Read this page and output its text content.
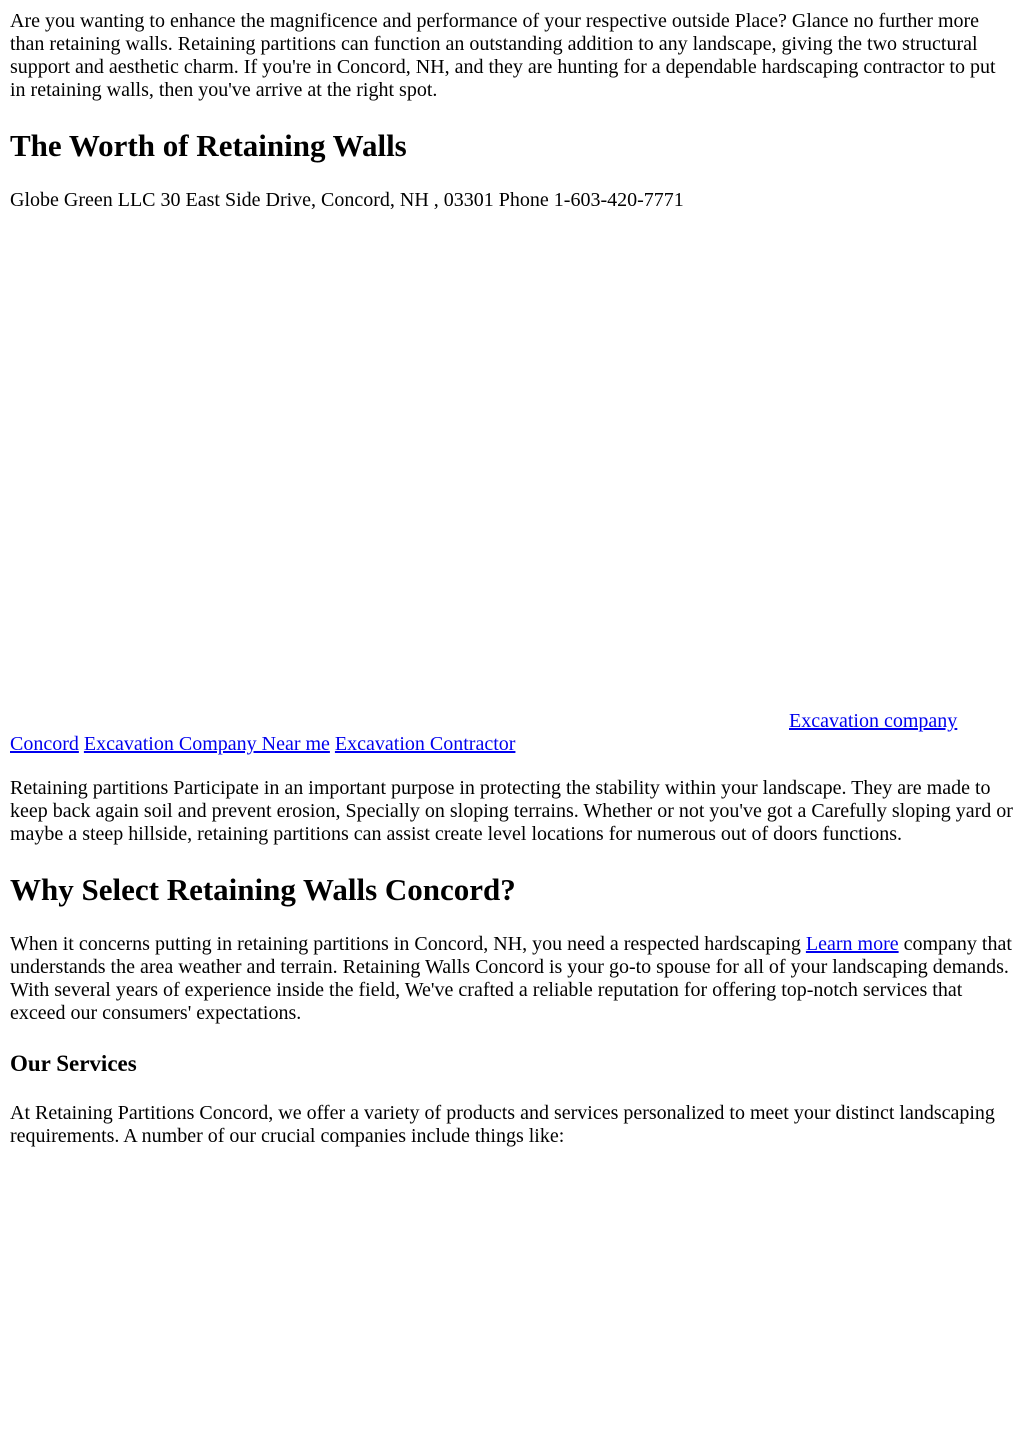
Are you wanting to enhance the magnificence and performance of your respective outside Place? Glance no further more than retaining walls. Retaining partitions can function an outstanding addition to any landscape, giving the two structural support and aesthetic charm. If you're in Concord, NH, and they are hunting for a dependable hardscaping contractor to put in retaining walls, then you've arrive at the right spot.

The Worth of Retaining Walls

Globe Green LLC 30 East Side Drive, Concord, NH , 03301 Phone 1-603-420-7771

Excavation company
Concord Excavation Company Near me Excavation Contractor

Retaining partitions Participate in an important purpose in protecting the stability within your landscape. They are made to keep back again soil and prevent erosion, Specially on sloping terrains. Whether or not you've got a Carefully sloping yard or maybe a steep hillside, retaining partitions can assist create level locations for numerous out of doors functions.

Why Select Retaining Walls Concord?

When it concerns putting in retaining partitions in Concord, NH, you need a respected hardscaping Learn more company that understands the area weather and terrain. Retaining Walls Concord is your go-to spouse for all of your landscaping demands. With several years of experience inside the field, We've crafted a reliable reputation for offering top-notch services that exceed our consumers' expectations.

Our Services

At Retaining Partitions Concord, we offer a variety of products and services personalized to meet your distinct landscaping requirements. A number of our crucial companies include things like:
